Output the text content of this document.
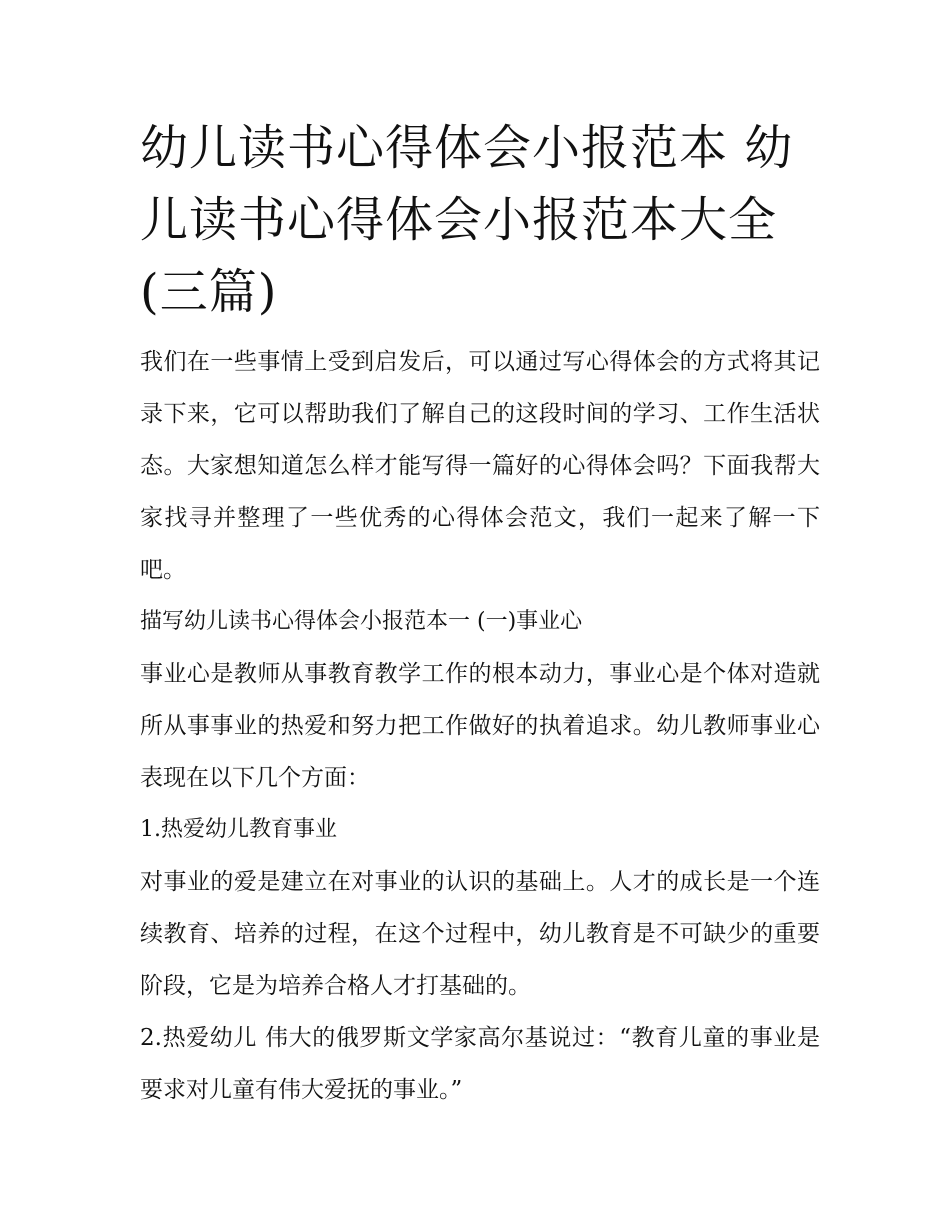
幼儿读书心得体会小报范本 幼儿读书心得体会小报范本大全(三篇)

我们在一些事情上受到启发后，可以通过写心得体会的方式将其记录下来，它可以帮助我们了解自己的这段时间的学习、工作生活状态。大家想知道怎么样才能写得一篇好的心得体会吗？下面我帮大家找寻并整理了一些优秀的心得体会范文，我们一起来了解一下吧。

描写幼儿读书心得体会小报范本一 (一)事业心

事业心是教师从事教育教学工作的根本动力，事业心是个体对造就所从事事业的热爱和努力把工作做好的执着追求。幼儿教师事业心表现在以下几个方面：

1.热爱幼儿教育事业

对事业的爱是建立在对事业的认识的基础上。人才的成长是一个连续教育、培养的过程，在这个过程中，幼儿教育是不可缺少的重要阶段，它是为培养合格人才打基础的。

2.热爱幼儿 伟大的俄罗斯文学家高尔基说过：“教育儿童的事业是要求对儿童有伟大爱抚的事业。”
